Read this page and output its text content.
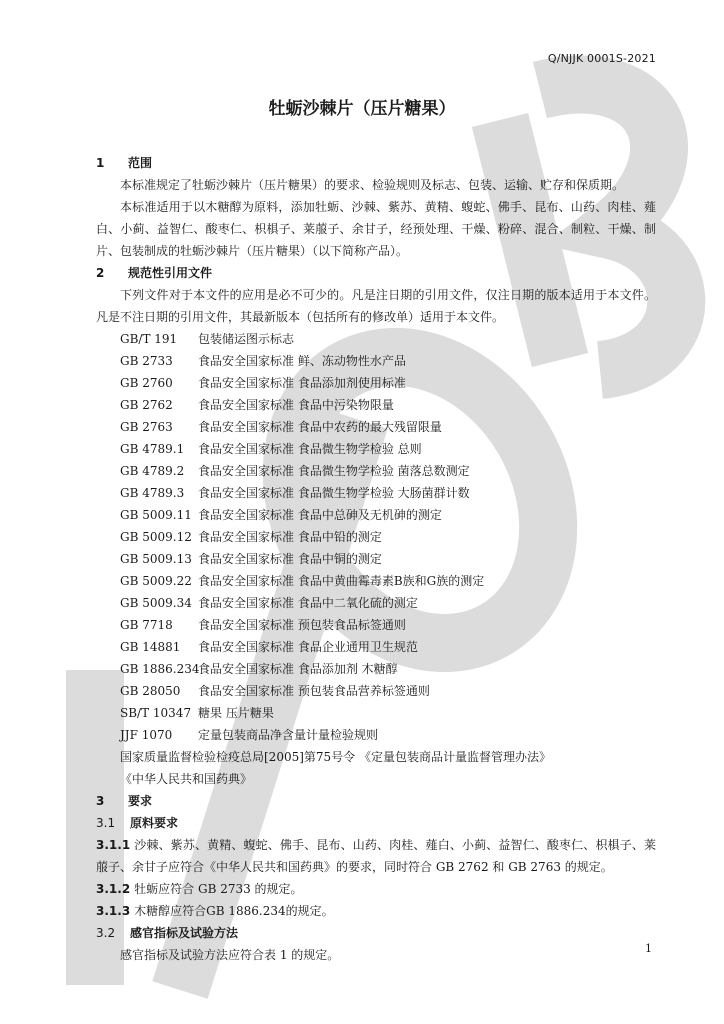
Q/NJJK 0001S-2021
牡蛎沙棘片（压片糖果）
1 范围
本标准规定了牡蛎沙棘片（压片糖果）的要求、检验规则及标志、包装、运输、贮存和保质期。
本标准适用于以木糖醇为原料，添加牡蛎、沙棘、紫苏、黄精、蝮蛇、佛手、昆布、山药、肉桂、薤白、小蓟、益智仁、酸枣仁、枳椇子、莱菔子、余甘子，经预处理、干燥、粉碎、混合、制粒、干燥、制片、包装制成的牡蛎沙棘片（压片糖果）（以下简称产品）。
2 规范性引用文件
下列文件对于本文件的应用是必不可少的。凡是注日期的引用文件，仅注日期的版本适用于本文件。凡是不注日期的引用文件，其最新版本（包括所有的修改单）适用于本文件。
GB/T 191 包装储运图示标志
GB 2733 食品安全国家标准 鲜、冻动物性水产品
GB 2760 食品安全国家标准 食品添加剂使用标准
GB 2762 食品安全国家标准 食品中污染物限量
GB 2763 食品安全国家标准 食品中农药的最大残留限量
GB 4789.1 食品安全国家标准 食品微生物学检验 总则
GB 4789.2 食品安全国家标准 食品微生物学检验 菌落总数测定
GB 4789.3 食品安全国家标准 食品微生物学检验 大肠菌群计数
GB 5009.11 食品安全国家标准 食品中总砷及无机砷的测定
GB 5009.12 食品安全国家标准 食品中铅的测定
GB 5009.13 食品安全国家标准 食品中铜的测定
GB 5009.22 食品安全国家标准 食品中黄曲霉毒素B族和G族的测定
GB 5009.34 食品安全国家标准 食品中二氧化硫的测定
GB 7718 食品安全国家标准 预包装食品标签通则
GB 14881 食品安全国家标准 食品企业通用卫生规范
GB 1886.234食品安全国家标准 食品添加剂 木糖醇
GB 28050 食品安全国家标准 预包装食品营养标签通则
SB/T 10347 糖果 压片糖果
JJF 1070 定量包装商品净含量计量检验规则
国家质量监督检验检疫总局[2005]第75号令 《定量包装商品计量监督管理办法》
《中华人民共和国药典》
3 要求
3.1 原料要求
3.1.1 沙棘、紫苏、黄精、蝮蛇、佛手、昆布、山药、肉桂、薤白、小蓟、益智仁、酸枣仁、枳椇子、莱菔子、余甘子应符合《中华人民共和国药典》的要求，同时符合 GB 2762 和 GB 2763 的规定。
3.1.2 牡蛎应符合 GB 2733 的规定。
3.1.3 木糖醇应符合GB 1886.234的规定。
3.2 感官指标及试验方法
感官指标及试验方法应符合表 1 的规定。	1
